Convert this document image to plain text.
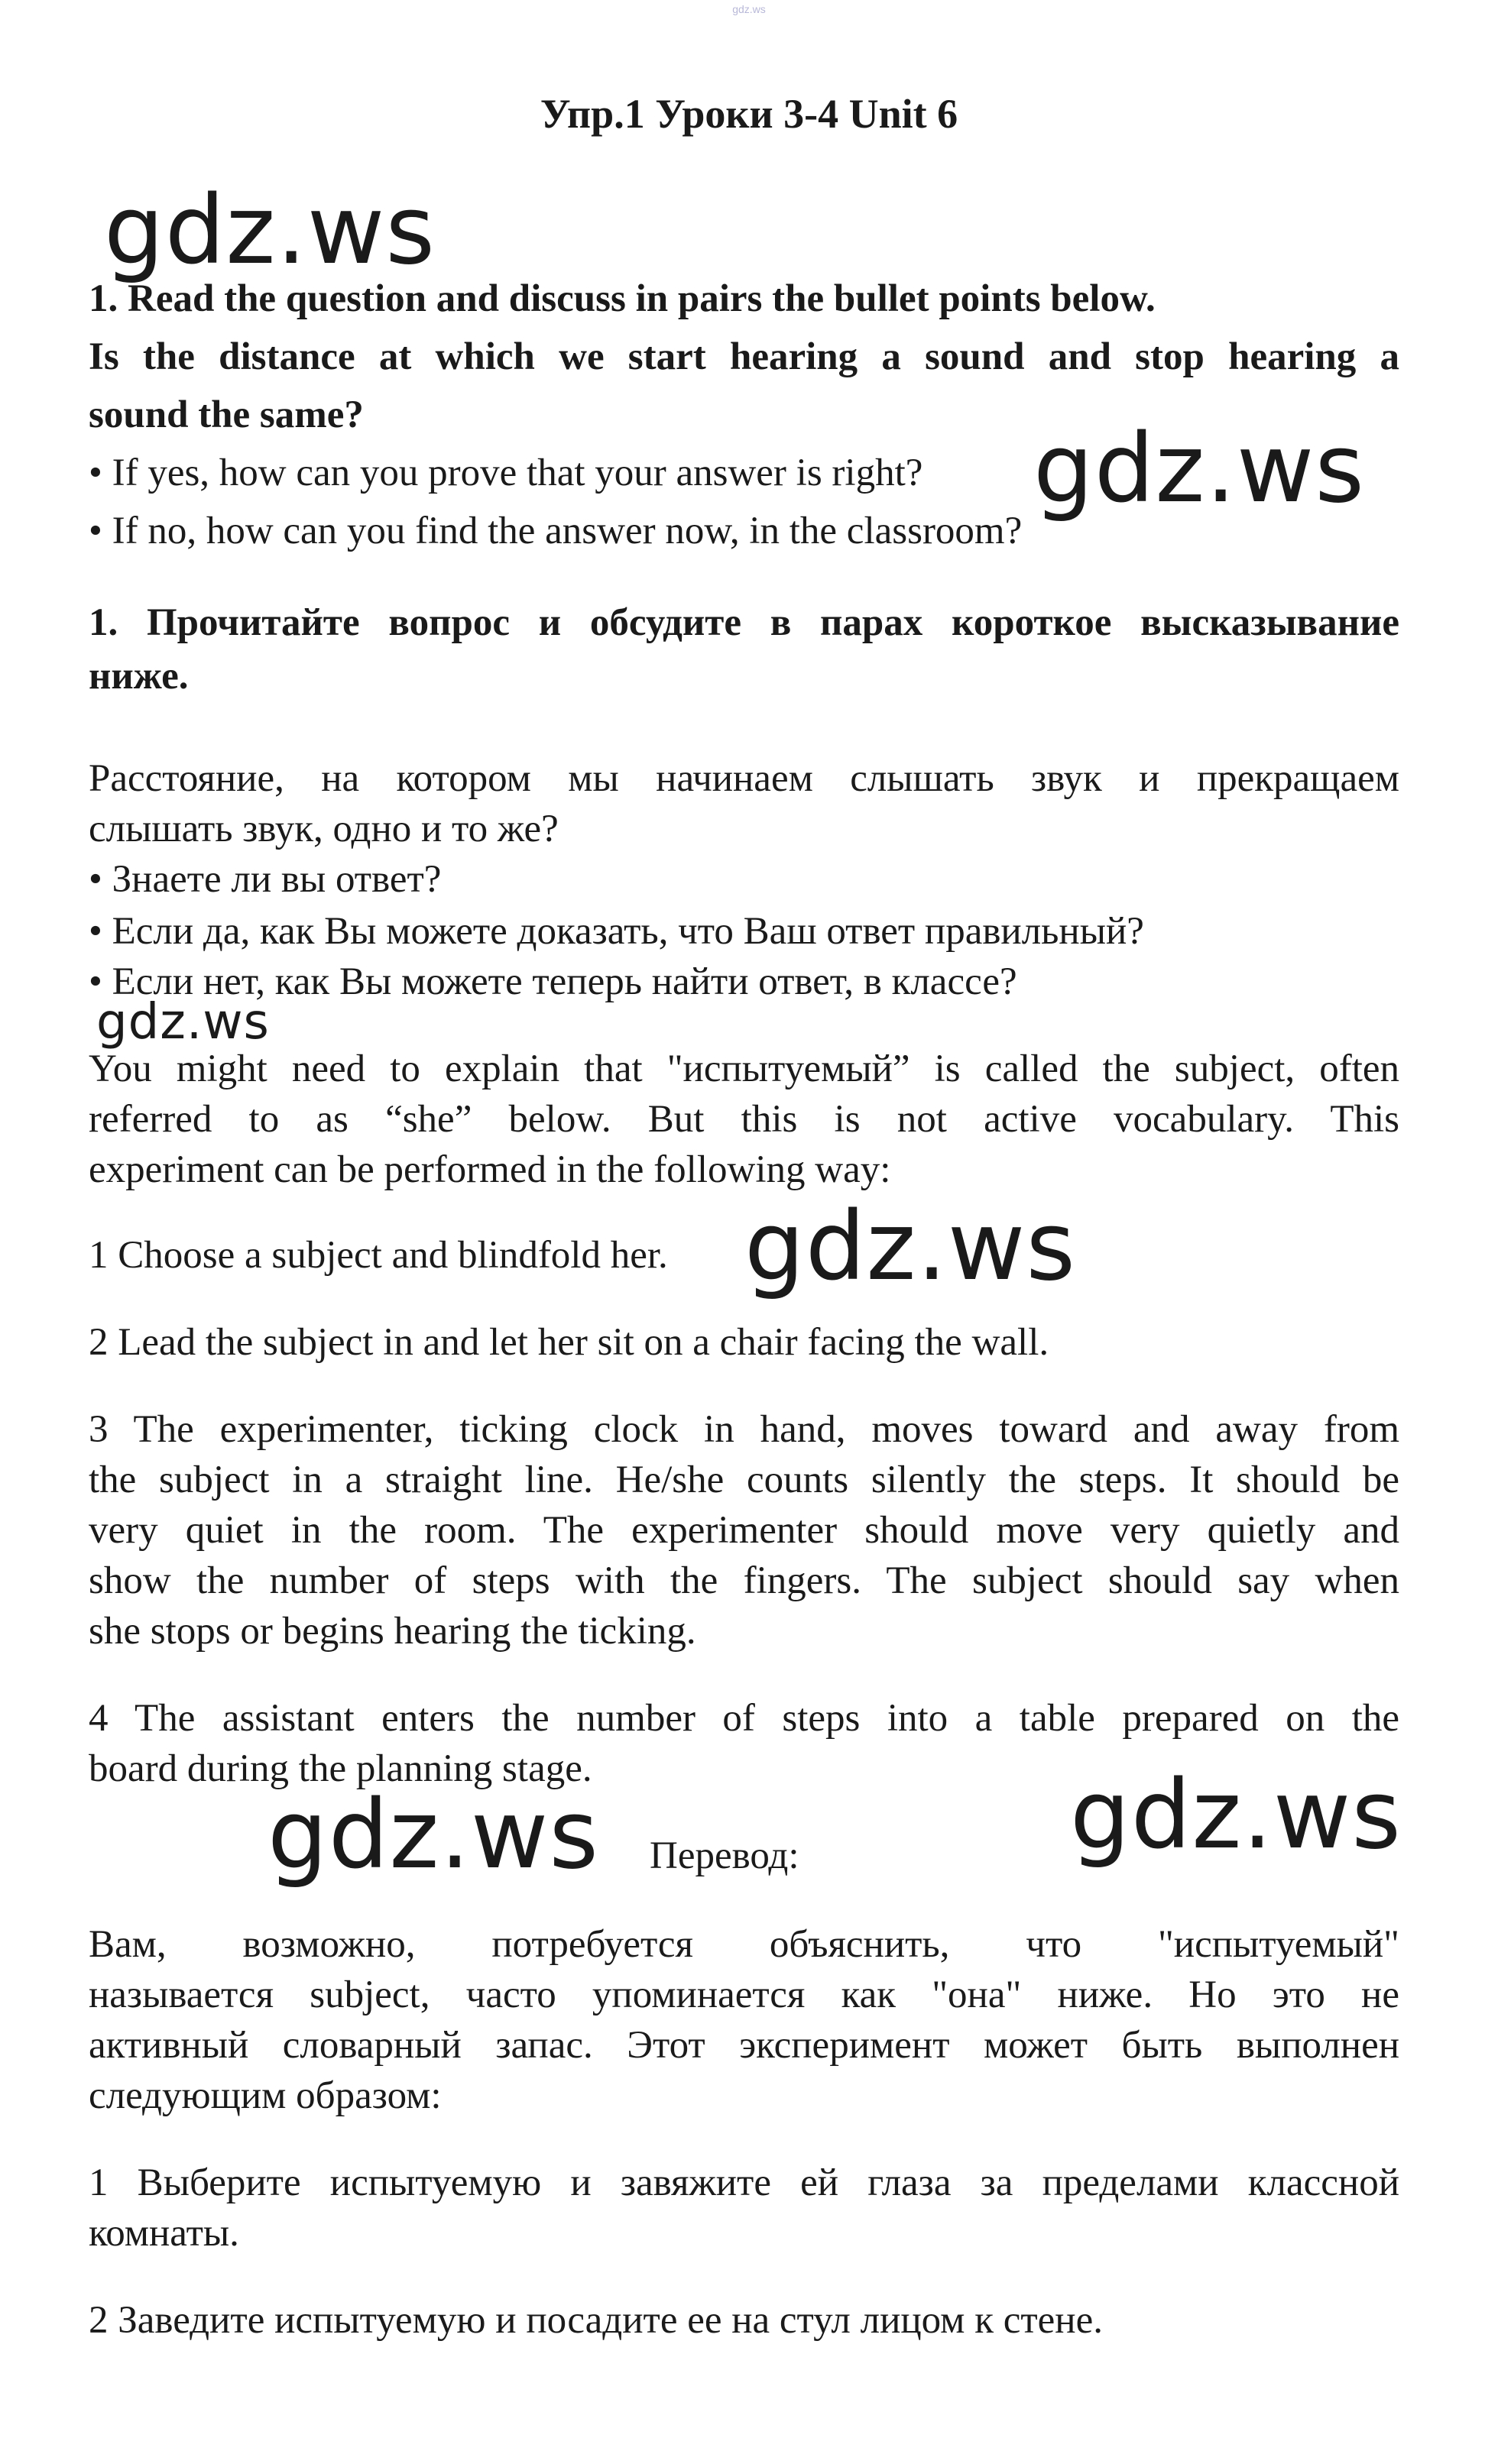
gdz.ws
Упр.1 Уроки 3-4 Unit 6
gdz.ws
1. Read the question and discuss in pairs the bullet points below.
Is the distance at which we start hearing a sound and stop hearing a
sound the same?
• If yes, how can you prove that your answer is right?	gdz.ws
• If no, how can you find the answer now, in the classroom?
1. Прочитайте вопрос и обсудите в парах короткое высказывание
ниже.
Расстояние, на котором мы начинаем слышать звук и прекращаем
слышать звук, одно и то же?
• Знаете ли вы ответ?
• Если да, как Вы можете доказать, что Ваш ответ правильный?
• Если нет, как Вы можете теперь найти ответ, в классе?
gdz.ws
You might need to explain that "испытуемый” is called the subject, often
referred to as “she” below. But this is not active vocabulary. This
experiment can be performed in the following way:
1 Choose a subject and blindfold her. gdz.ws
2 Lead the subject in and let her sit on a chair facing the wall.
3 The experimenter, ticking clock in hand, moves toward and away from
the subject in a straight line. He/she counts silently the steps. It should be
very quiet in the room. The experimenter should move very quietly and
show the number of steps with the fingers. The subject should say when
she stops or begins hearing the ticking.
4 The assistant enters the number of steps into a table prepared on the
board during the planning stage.
gdz.ws Перевод:	gdz.ws
Вам, возможно, потребуется объяснить, что "испытуемый"
называется subject, часто упоминается как "она" ниже. Но это не
активный словарный запас. Этот эксперимент может быть выполнен
следующим образом:
1 Выберите испытуемую и завяжите ей глаза за пределами классной
комнаты.
2 Заведите испытуемую и посадите ее на стул лицом к стене.
